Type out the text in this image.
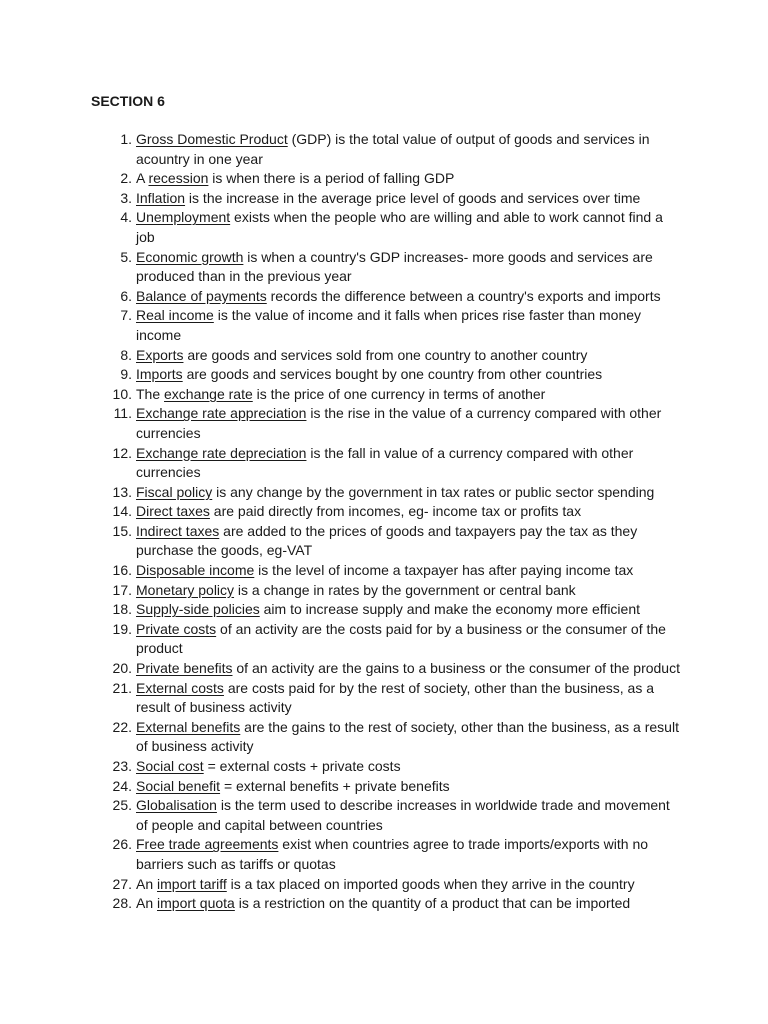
SECTION 6
1. Gross Domestic Product (GDP) is the total value of output of goods and services in acountry in one year
2. A recession is when there is a period of falling GDP
3. Inflation is the increase in the average price level of goods and services over time
4. Unemployment exists when the people who are willing and able to work cannot find a job
5. Economic growth is when a country's GDP increases- more goods and services are produced than in the previous year
6. Balance of payments records the difference between a country's exports and imports
7. Real income is the value of income and it falls when prices rise faster than money income
8. Exports are goods and services sold from one country to another country
9. Imports are goods and services bought by one country from other countries
10. The exchange rate is the price of one currency in terms of another
11. Exchange rate appreciation is the rise in the value of a currency compared with other currencies
12. Exchange rate depreciation is the fall in value of a currency compared with other currencies
13. Fiscal policy is any change by the government in tax rates or public sector spending
14. Direct taxes are paid directly from incomes, eg- income tax or profits tax
15. Indirect taxes are added to the prices of goods and taxpayers pay the tax as they purchase the goods, eg-VAT
16. Disposable income is the level of income a taxpayer has after paying income tax
17. Monetary policy is a change in rates by the government or central bank
18. Supply-side policies aim to increase supply and make the economy more efficient
19. Private costs of an activity are the costs paid for by a business or the consumer of the product
20. Private benefits of an activity are the gains to a business or the consumer of the product
21. External costs are costs paid for by the rest of society, other than the business, as a result of business activity
22. External benefits are the gains to the rest of society, other than the business, as a result of business activity
23. Social cost = external costs + private costs
24. Social benefit = external benefits + private benefits
25. Globalisation is the term used to describe increases in worldwide trade and movement of people and capital between countries
26. Free trade agreements exist when countries agree to trade imports/exports with no barriers such as tariffs or quotas
27. An import tariff is a tax placed on imported goods when they arrive in the country
28. An import quota is a restriction on the quantity of a product that can be imported
